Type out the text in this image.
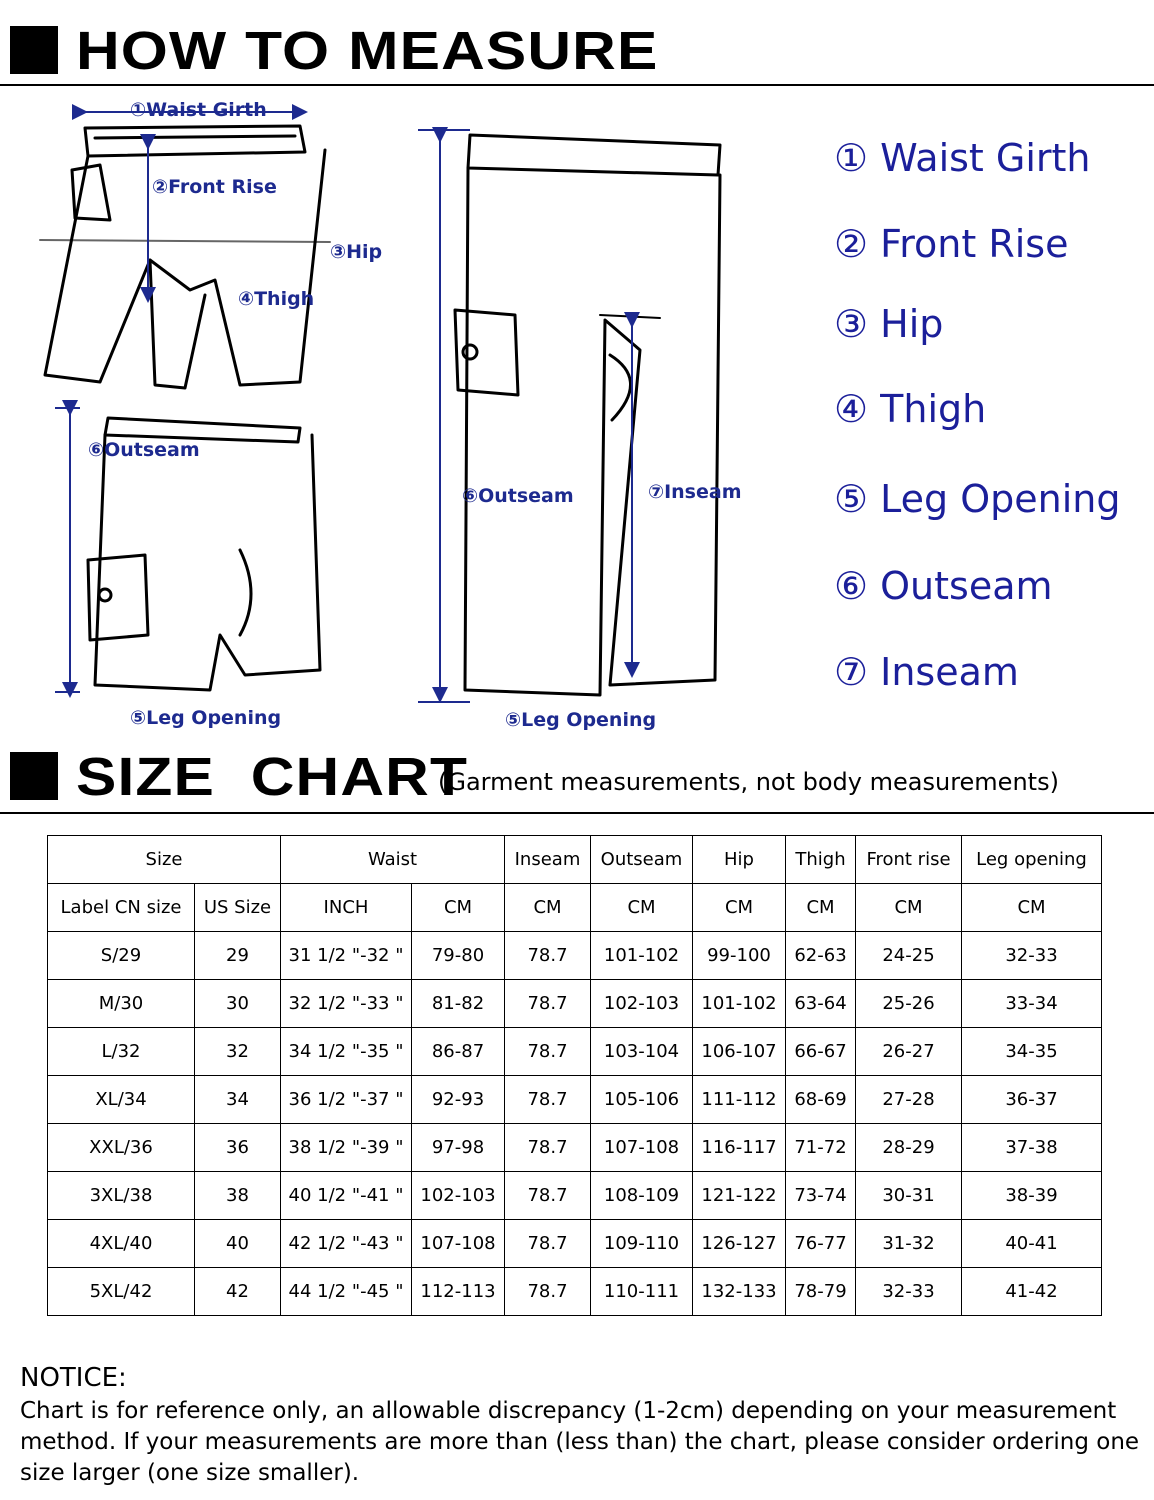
HOW TO MEASURE
①Waist Girth
②Front Rise
③Hip
④Thigh
⑥Outseam
⑤Leg Opening
⑥Outseam	⑦Inseam
⑤Leg Opening
① Waist Girth
② Front Rise
③ Hip
④ Thigh
⑤ Leg Opening
⑥ Outseam
⑦ Inseam
SIZE  CHART
(Garment measurements, not body measurements)
Size		Waist		Inseam	Outseam	Hip	Thigh	Front rise	Leg opening
Label CN size	US Size	INCH	CM	CM	CM	CM	CM	CM	CM
S/29	29	31 1/2 "-32 "	79-80	78.7	101-102	99-100	62-63	24-25	32-33
M/30	30	32 1/2 "-33 "	81-82	78.7	102-103	101-102	63-64	25-26	33-34
L/32	32	34 1/2 "-35 "	86-87	78.7	103-104	106-107	66-67	26-27	34-35
XL/34	34	36 1/2 "-37 "	92-93	78.7	105-106	111-112	68-69	27-28	36-37
XXL/36	36	38 1/2 "-39 "	97-98	78.7	107-108	116-117	71-72	28-29	37-38
3XL/38	38	40 1/2 "-41 "	102-103	78.7	108-109	121-122	73-74	30-31	38-39
4XL/40	40	42 1/2 "-43 "	107-108	78.7	109-110	126-127	76-77	31-32	40-41
5XL/42	42	44 1/2 "-45 "	112-113	78.7	110-111	132-133	78-79	32-33	41-42
NOTICE:
Chart is for reference only, an allowable discrepancy (1-2cm) depending on your measurement method. If your measurements are more than (less than) the chart, please consider ordering one size larger (one size smaller).
